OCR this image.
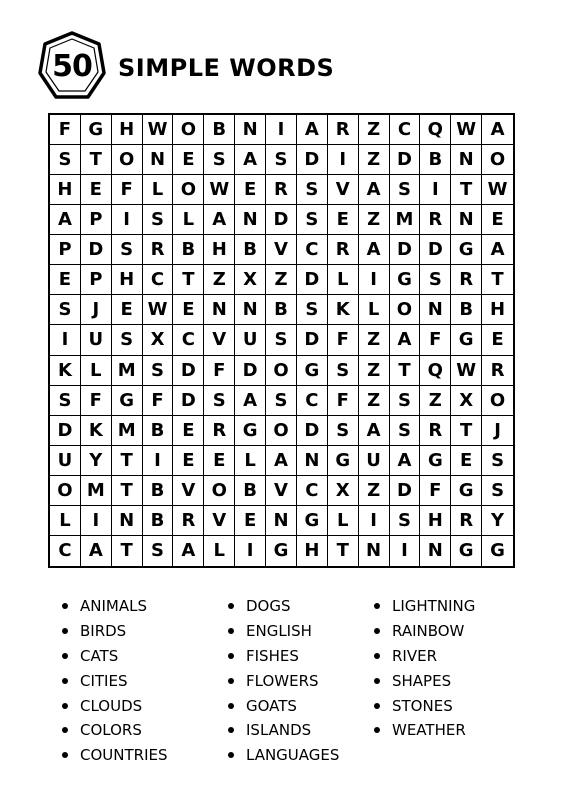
50	SIMPLE WORDS
F G H W O B N	I	A R Z C Q W A
S	T O N E	S A S D	I	Z D B N O
H E	F	L O W E R S V A S	I	T W
A P	I	S	L	A N D S	E	Z M R N E
P D S R B H B V C R A D D G A
E	P H C	T	Z X Z D L	I	G S R	T
S	J	E W E N N B S K	L O N B H
I	U S X C V U S D F	Z A F G E
K	L M S D F D O G S Z	T Q W R
S	F G F D S A S C	F	Z S Z X O
D K M B E R G O D S A S R T	J
U Y	T	I	E	E	L	A N G U A G E	S
O M T B V O B V C X Z D F G S
L	I	N B R V E N G L	I	S H R Y
C A T	S A	L	I	G H T N	I	N G G
ANIMALS
BIRDS
CATS
CITIES
CLOUDS
COLORS
COUNTRIES
DOGS
ENGLISH
FISHES
FLOWERS
GOATS
ISLANDS
LANGUAGES
LIGHTNING
RAINBOW
RIVER
SHAPES
STONES
WEATHER
